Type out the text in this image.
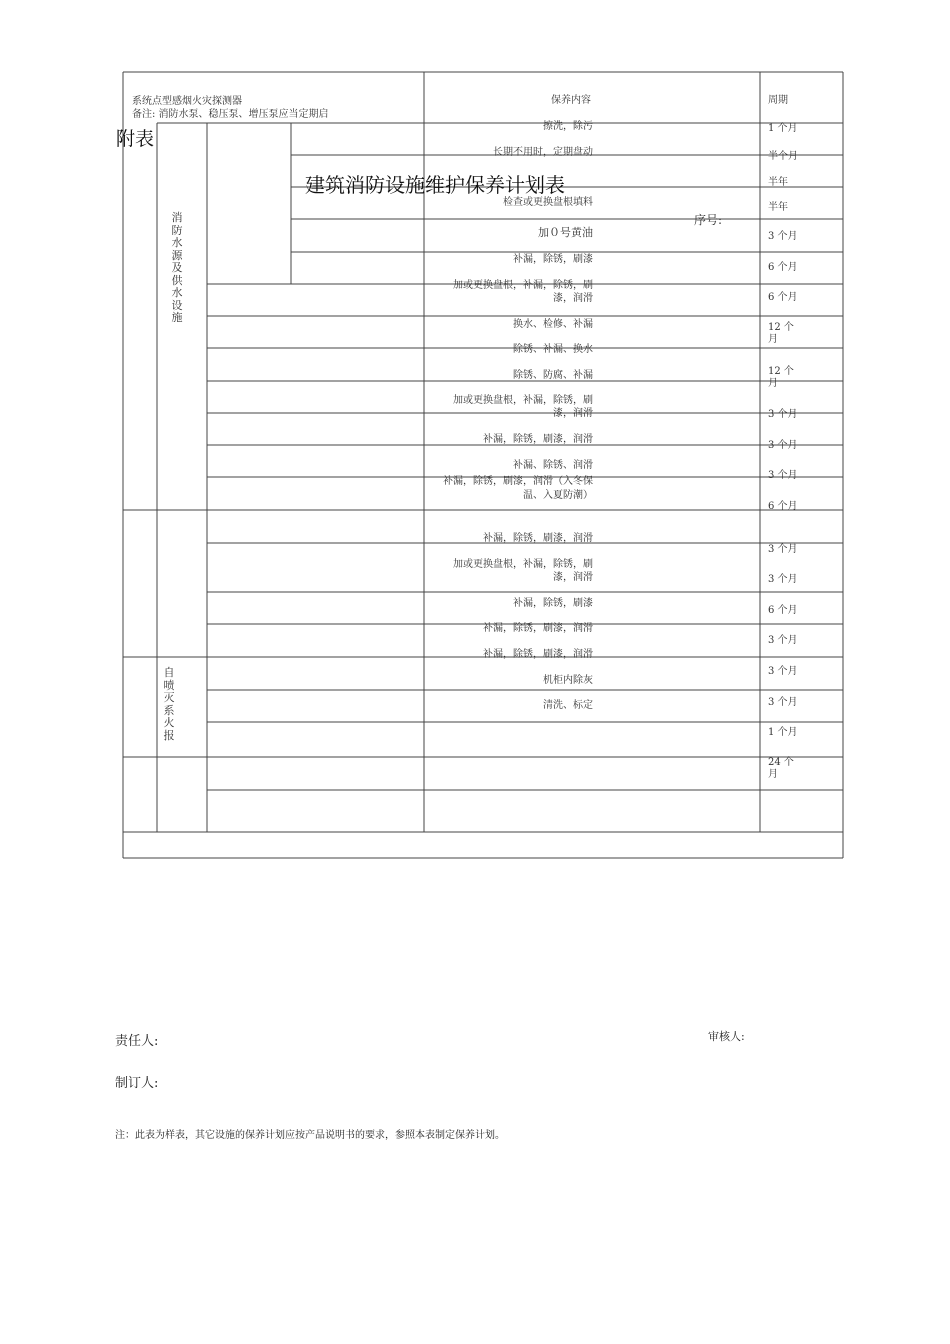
系统点型感烟火灾探测器
备注: 消防水泵、稳压泵、增压泵应当定期启
保养内容	周期
附表
建筑消防设施维护保养计划表
序号:
消防水源及供水设施
自喷灭系火报
擦洗，除污
长期不用时，定期盘动
检查或更换盘根填料
加０号黄油
补漏，除锈，刷漆
加或更换盘根，补漏，除锈，刷漆，润滑
换水、检修、补漏
除锈、补漏、换水
除锈、防腐、补漏
加或更换盘根，补漏，除锈，刷漆，润滑
补漏，除锈，刷漆，润滑
补漏、除锈、润滑
补漏，除锈，刷漆，润滑（入冬保温、入夏防潮）
补漏，除锈，刷漆，润滑
加或更换盘根，补漏，除锈，刷漆，润滑
补漏，除锈，刷漆
补漏，除锈，刷漆，润滑
补漏，除锈，刷漆，润滑
机柜内除灰
清洗、标定
1 个月
半个月
半年
半年
3 个月
6 个月
6 个月
12 个月
12 个月
3 个月
3 个月
3 个月
6 个月
3 个月
3 个月
6 个月
3 个月
3 个月
3 个月
1 个月
24 个月
责任人:	审核人:
制订人:
注：此表为样表，其它设施的保养计划应按产品说明书的要求，参照本表制定保养计划。
